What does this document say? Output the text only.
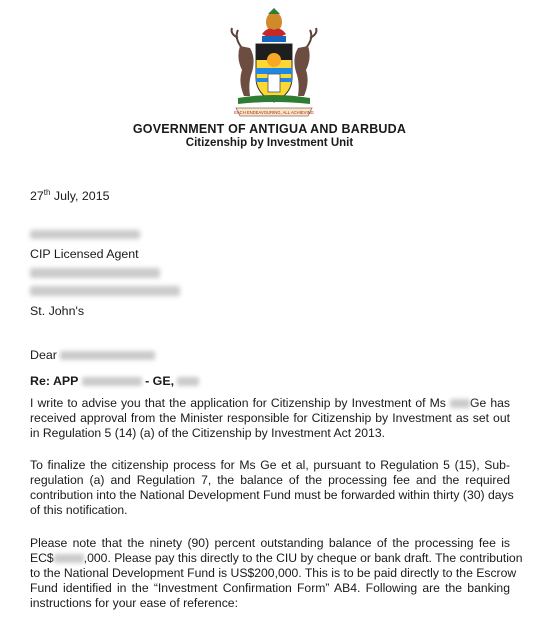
EACH ENDEAVOURING, ALL ACHIEVING
GOVERNMENT OF ANTIGUA AND BARBUDA
Citizenship by Investment Unit
27th July, 2015
CIP Licensed Agent
St. John's
Dear
Re: APP	- GE,
I write to advise you that the application for Citizenship by Investment of Ms Ge has
received approval from the Minister responsible for Citizenship by Investment as set out
in Regulation 5 (14) (a) of the Citizenship by Investment Act 2013.
To finalize the citizenship process for Ms Ge et al, pursuant to Regulation 5 (15), Sub-
regulation (a) and Regulation 7, the balance of the processing fee and the required
contribution into the National Development Fund must be forwarded within thirty (30) days
of this notification.
Please note that the ninety (90) percent outstanding balance of the processing fee is
EC$ ,000. Please pay this directly to the CIU by cheque or bank draft. The contribution
to the National Development Fund is US$200,000. This is to be paid directly to the Escrow
Fund identified in the “Investment Confirmation Form” AB4. Following are the banking
instructions for your ease of reference:
